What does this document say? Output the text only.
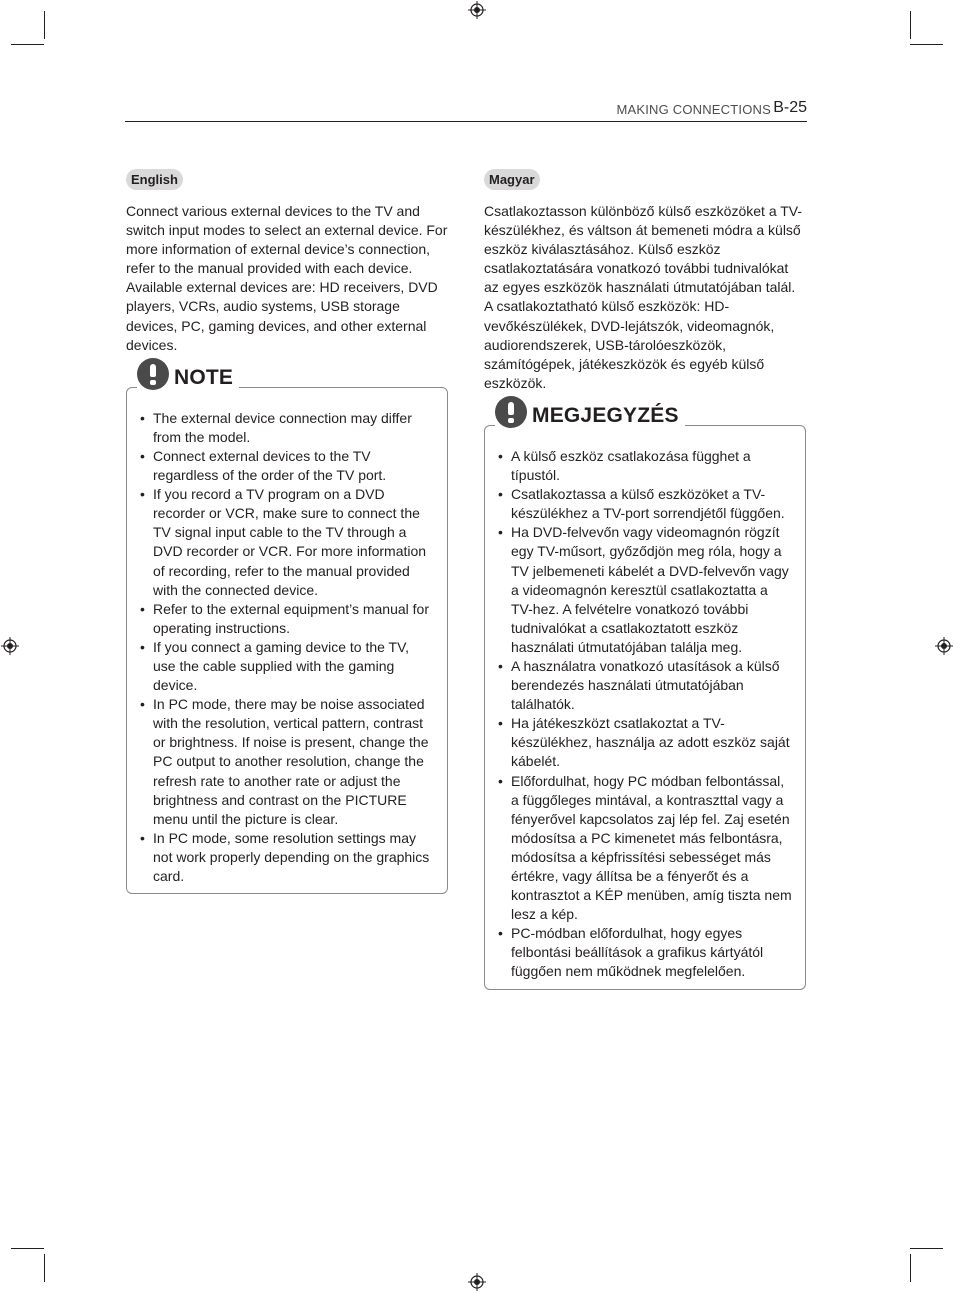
MAKING CONNECTIONS B-25
English

Connect various external devices to the TV and switch input modes to select an external device. For more information of external device’s connection, refer to the manual provided with each device.

Available external devices are: HD receivers, DVD players, VCRs, audio systems, USB storage devices, PC, gaming devices, and other external devices.

NOTE
• The external device connection may differ from the model.
• Connect external devices to the TV regardless of the order of the TV port.
• If you record a TV program on a DVD recorder or VCR, make sure to connect the TV signal input cable to the TV through a DVD recorder or VCR. For more information of recording, refer to the manual provided with the connected device.
• Refer to the external equipment’s manual for operating instructions.
• If you connect a gaming device to the TV, use the cable supplied with the gaming device.
• In PC mode, there may be noise associated with the resolution, vertical pattern, contrast or brightness. If noise is present, change the PC output to another resolution, change the refresh rate to another rate or adjust the brightness and contrast on the PICTURE menu until the picture is clear.
• In PC mode, some resolution settings may not work properly depending on the graphics card.
Magyar

Csatlakoztasson különböző külső eszközöket a TV-készülékhez, és váltson át bemeneti módra a külső eszköz kiválasztásához. Külső eszköz csatlakoztatására vonatkozó további tudnivalókat az egyes eszközök használati útmutatójában talál.

A csatlakoztatható külső eszközök: HD-vevőkészülékek, DVD-lejátszók, videomagnók, audiorendszerek, USB-tárolóeszközök, számítógépek, játékeszközök és egyéb külső eszközök.

MEGJEGYZÉS
• A külső eszköz csatlakozása függhet a típustól.
• Csatlakoztassa a külső eszközöket a TV-készülékhez a TV-port sorrendjétől függően.
• Ha DVD-felvevőn vagy videomagnón rögzít egy TV-műsort, győződjön meg róla, hogy a TV jelbemeneti kábelét a DVD-felvevőn vagy a videomagnón keresztül csatlakoztatta a TV-hez. A felvételre vonatkozó további tudnivalókat a csatlakoztatott eszköz használati útmutatójában találja meg.
• A használatra vonatkozó utasítások a külső berendezés használati útmutatójában találhatók.
• Ha játékeszközt csatlakoztat a TV-készülékhez, használja az adott eszköz saját kábelét.
• Előfordulhat, hogy PC módban felbontással, a függőleges mintával, a kontraszttal vagy a fényerővel kapcsolatos zaj lép fel. Zaj esetén módosítsa a PC kimenetet más felbontásra, módosítsa a képfrissítési sebességet más értékre, vagy állítsa be a fényerőt és a kontrasztot a KÉP menüben, amíg tiszta nem lesz a kép.
• PC-módban előfordulhat, hogy egyes felbontási beállítások a grafikus kártyától függően nem működnek megfelelően.
